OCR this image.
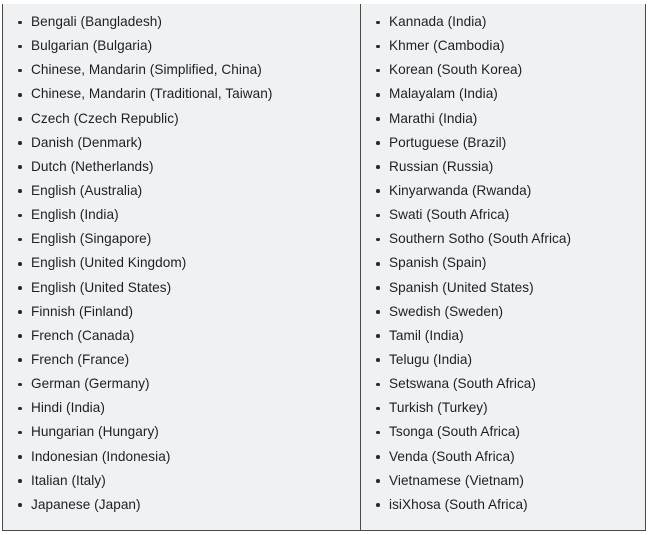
Bengali (Bangladesh)
Bulgarian (Bulgaria)
Chinese, Mandarin (Simplified, China)
Chinese, Mandarin (Traditional, Taiwan)
Czech (Czech Republic)
Danish (Denmark)
Dutch (Netherlands)
English (Australia)
English (India)
English (Singapore)
English (United Kingdom)
English (United States)
Finnish (Finland)
French (Canada)
French (France)
German (Germany)
Hindi (India)
Hungarian (Hungary)
Indonesian (Indonesia)
Italian (Italy)
Japanese (Japan)
Kannada (India)
Khmer (Cambodia)
Korean (South Korea)
Malayalam (India)
Marathi (India)
Portuguese (Brazil)
Russian (Russia)
Kinyarwanda (Rwanda)
Swati (South Africa)
Southern Sotho (South Africa)
Spanish (Spain)
Spanish (United States)
Swedish (Sweden)
Tamil (India)
Telugu (India)
Setswana (South Africa)
Turkish (Turkey)
Tsonga (South Africa)
Venda (South Africa)
Vietnamese (Vietnam)
isiXhosa (South Africa)
